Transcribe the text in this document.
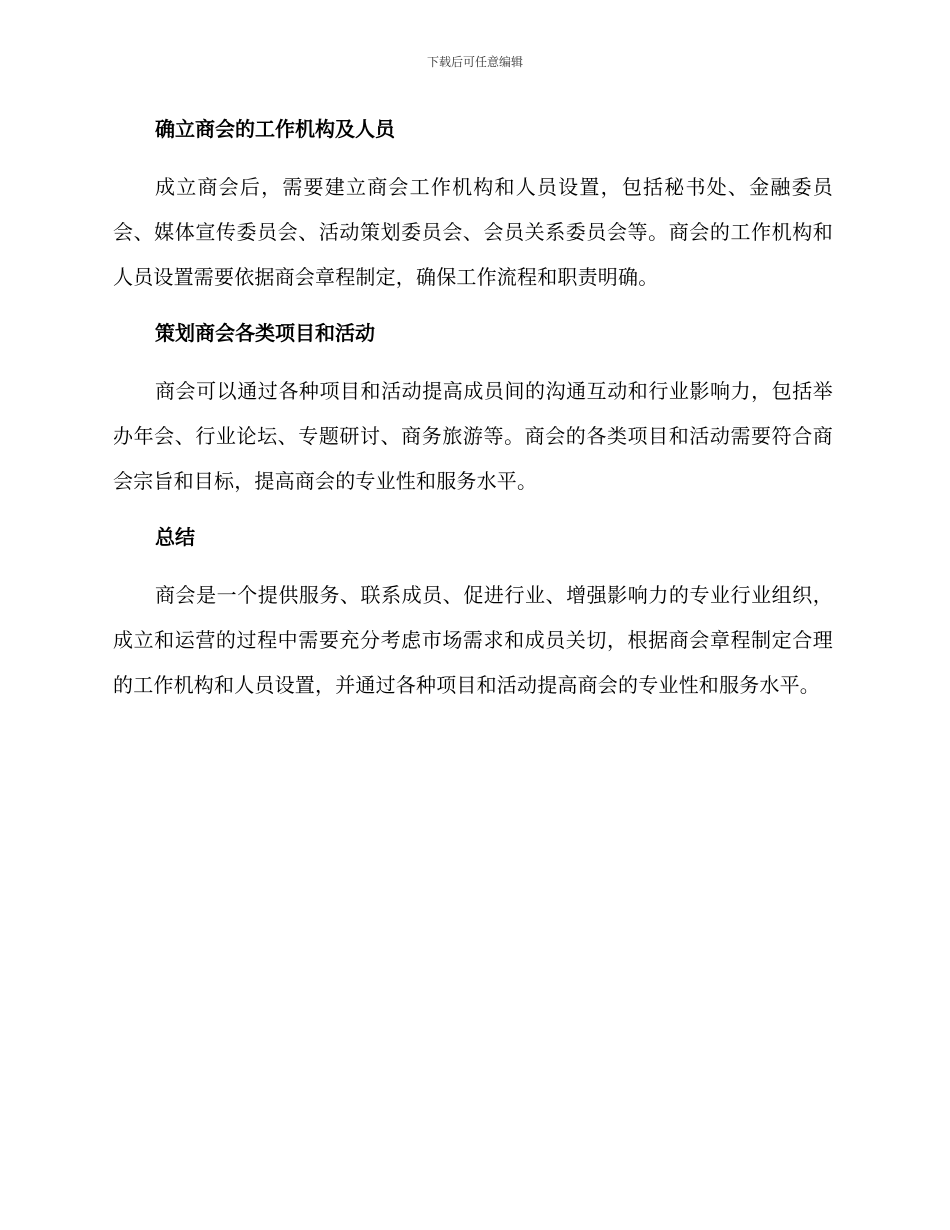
下载后可任意编辑
确立商会的工作机构及人员

成立商会后，需要建立商会工作机构和人员设置，包括秘书处、金融委员会、媒体宣传委员会、活动策划委员会、会员关系委员会等。商会的工作机构和人员设置需要依据商会章程制定，确保工作流程和职责明确。

策划商会各类项目和活动

商会可以通过各种项目和活动提高成员间的沟通互动和行业影响力，包括举办年会、行业论坛、专题研讨、商务旅游等。商会的各类项目和活动需要符合商会宗旨和目标，提高商会的专业性和服务水平。

总结

商会是一个提供服务、联系成员、促进行业、增强影响力的专业行业组织，成立和运营的过程中需要充分考虑市场需求和成员关切，根据商会章程制定合理的工作机构和人员设置，并通过各种项目和活动提高商会的专业性和服务水平。
